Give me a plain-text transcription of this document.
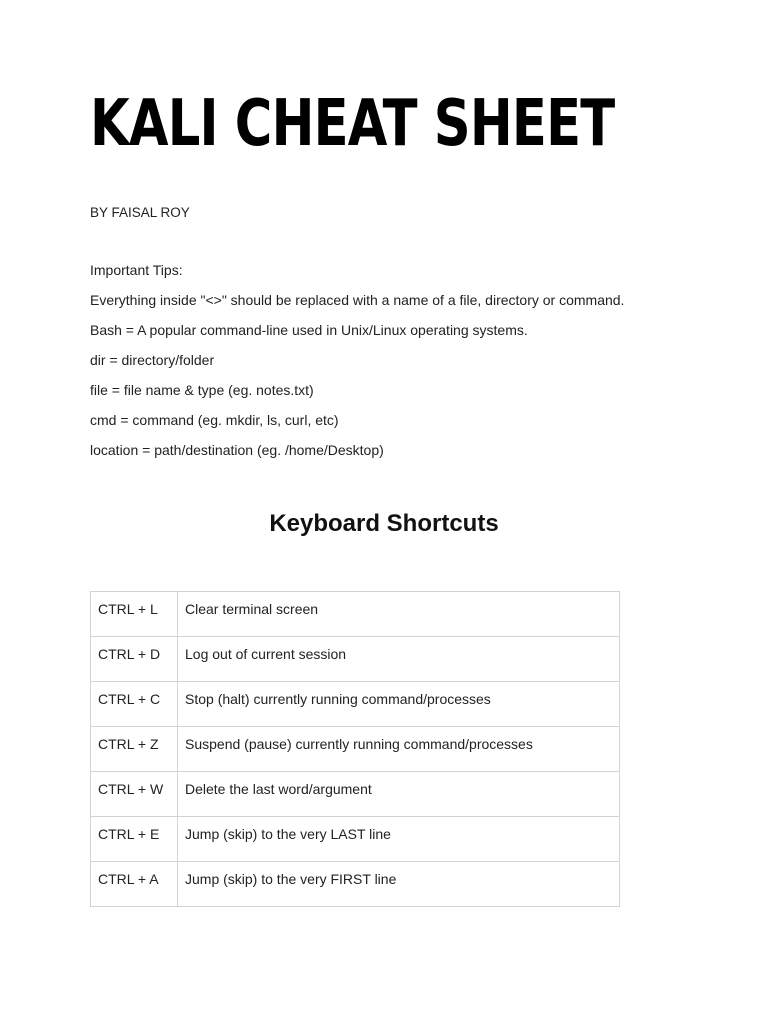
KALI CHEAT SHEET
BY FAISAL ROY
Important Tips:
Everything inside "<>" should be replaced with a name of a file, directory or command.
Bash = A popular command-line used in Unix/Linux operating systems.
dir = directory/folder
file = file name & type (eg. notes.txt)
cmd = command (eg. mkdir, ls, curl, etc)
location = path/destination (eg. /home/Desktop)
Keyboard Shortcuts
CTRL + L	Clear terminal screen
CTRL + D	Log out of current session
CTRL + C	Stop (halt) currently running command/processes
CTRL + Z	Suspend (pause) currently running command/processes
CTRL + W	Delete the last word/argument
CTRL + E	Jump (skip) to the very LAST line
CTRL + A	Jump (skip) to the very FIRST line
